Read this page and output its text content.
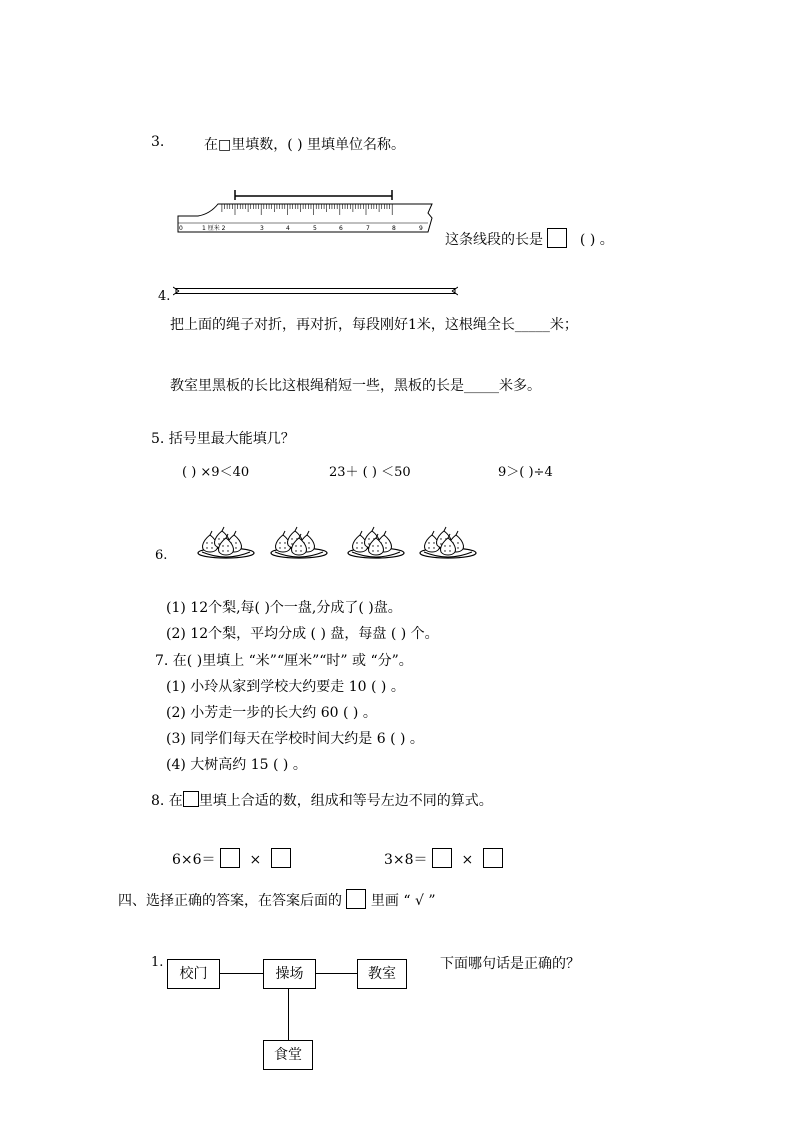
3.	在□里填数，( ) 里填单位名称。
0	1 厘米 2	3	4	5	6	7	8	9
这条线段的长是	( ) 。
4.
把上面的绳子对折，再对折，每段刚好1米，这根绳全长_____米；
教室里黑板的长比这根绳稍短一些，黑板的长是_____米多。
5. 括号里最大能填几？
( ) ×9＜40	23＋ ( ) ＜50	9＞( )÷4
6.
(1) 12个梨,每( )个一盘,分成了( )盘。
(2) 12个梨，平均分成 ( ) 盘，每盘 ( ) 个。
7. 在( )里填上 “米”“厘米”“时” 或 “分”。
(1) 小玲从家到学校大约要走 10 ( ) 。
(2) 小芳走一步的长大约 60 ( ) 。
(3) 同学们每天在学校时间大约是 6 ( ) 。
(4) 大树高约 15 ( ) 。
8. 在 里填上合适的数，组成和等号左边不同的算式。
6×6＝ ×	3×8＝ ×
四、选择正确的答案，在答案后面的 里画 “ √ ”
1.	下面哪句话是正确的？
校门	操场	教室
食堂
